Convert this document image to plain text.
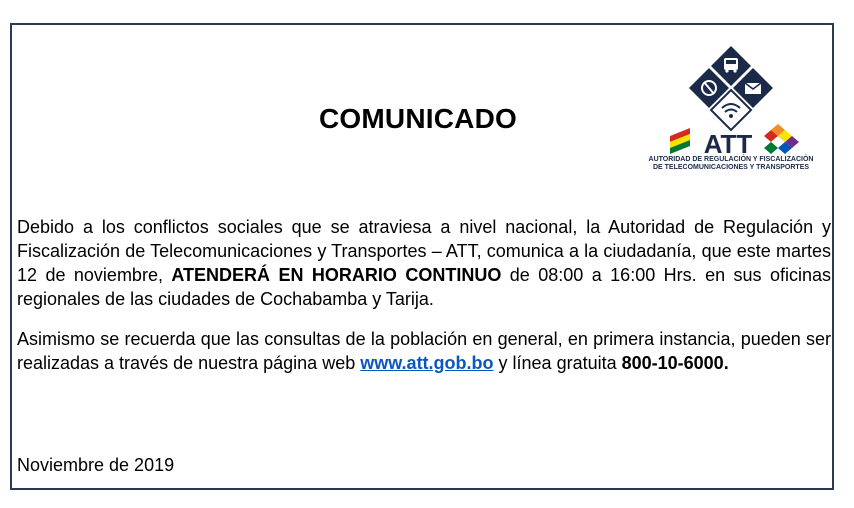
COMUNICADO
ATT
AUTORIDAD DE REGULACIÓN Y FISCALIZACIÓN
DE TELECOMUNICACIONES Y TRANSPORTES

Debido a los conflictos sociales que se atraviesa a nivel nacional, la Autoridad de Regulación y Fiscalización de Telecomunicaciones y Transportes – ATT, comunica a la ciudadanía, que este martes 12 de noviembre, ATENDERÁ EN HORARIO CONTINUO de 08:00 a 16:00 Hrs. en sus oficinas regionales de las ciudades de Cochabamba y Tarija.

Asimismo se recuerda que las consultas de la población en general, en primera instancia, pueden ser realizadas a través de nuestra página web www.att.gob.bo y línea gratuita 800-10-6000.

Noviembre de 2019
